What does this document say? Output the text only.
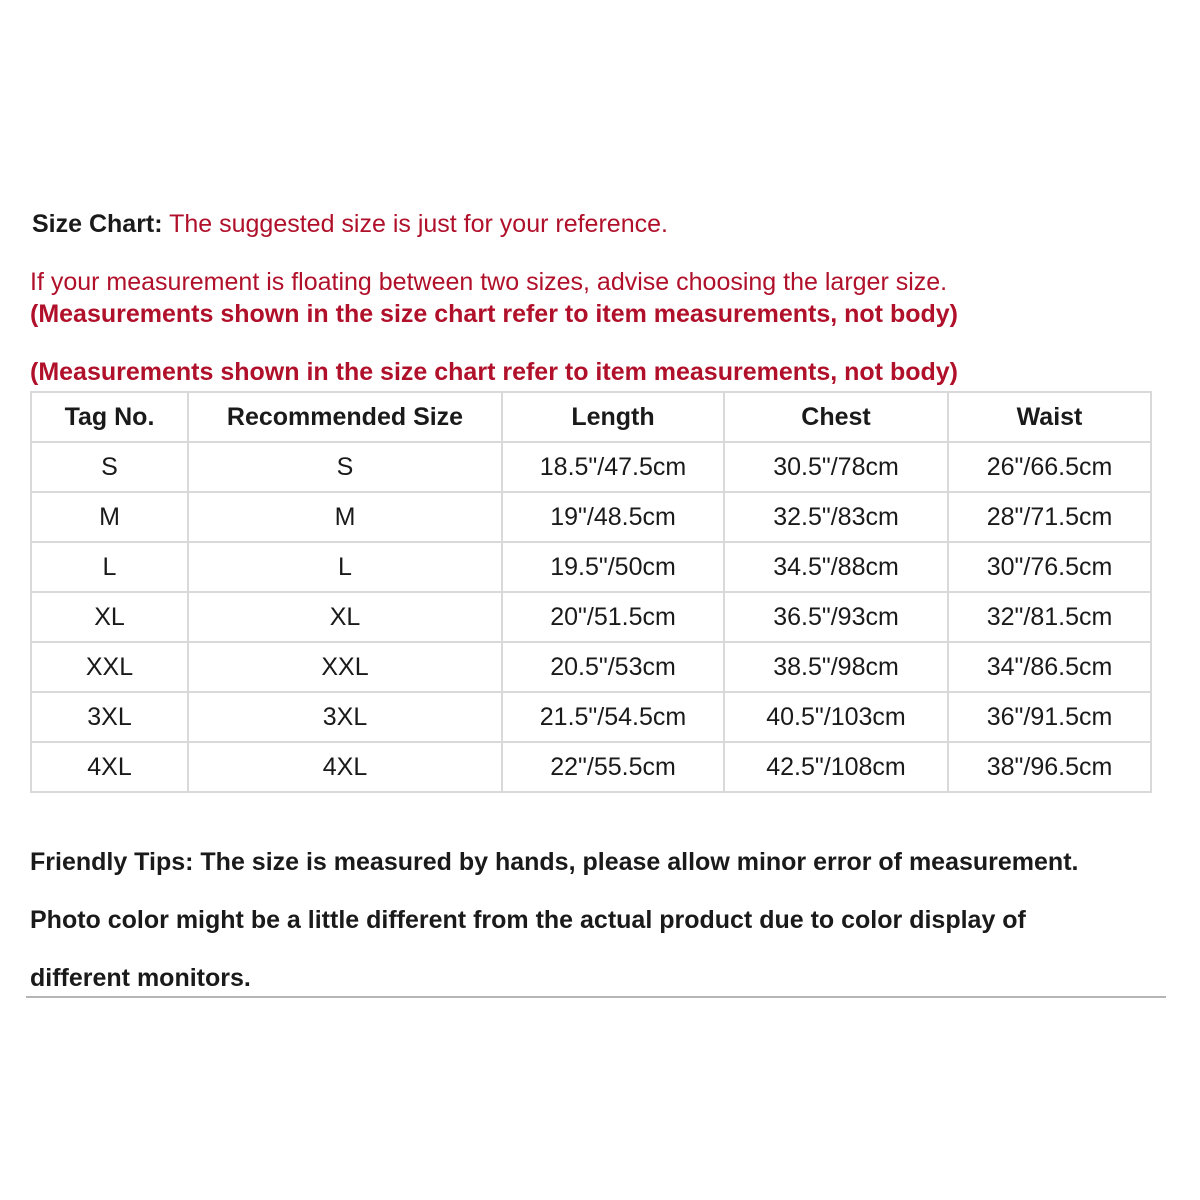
Size Chart: The suggested size is just for your reference.
If your measurement is floating between two sizes, advise choosing the larger size.
(Measurements shown in the size chart refer to item measurements, not body)
(Measurements shown in the size chart refer to item measurements, not body)
Tag No.	Recommended Size	Length	Chest	Waist
S	S	18.5"/47.5cm	30.5"/78cm	26"/66.5cm
M	M	19"/48.5cm	32.5"/83cm	28"/71.5cm
L	L	19.5"/50cm	34.5"/88cm	30"/76.5cm
XL	XL	20"/51.5cm	36.5"/93cm	32"/81.5cm
XXL	XXL	20.5"/53cm	38.5"/98cm	34"/86.5cm
3XL	3XL	21.5"/54.5cm	40.5"/103cm	36"/91.5cm
4XL	4XL	22"/55.5cm	42.5"/108cm	38"/96.5cm
Friendly Tips: The size is measured by hands, please allow minor error of measurement.
Photo color might be a little different from the actual product due to color display of
different monitors.
